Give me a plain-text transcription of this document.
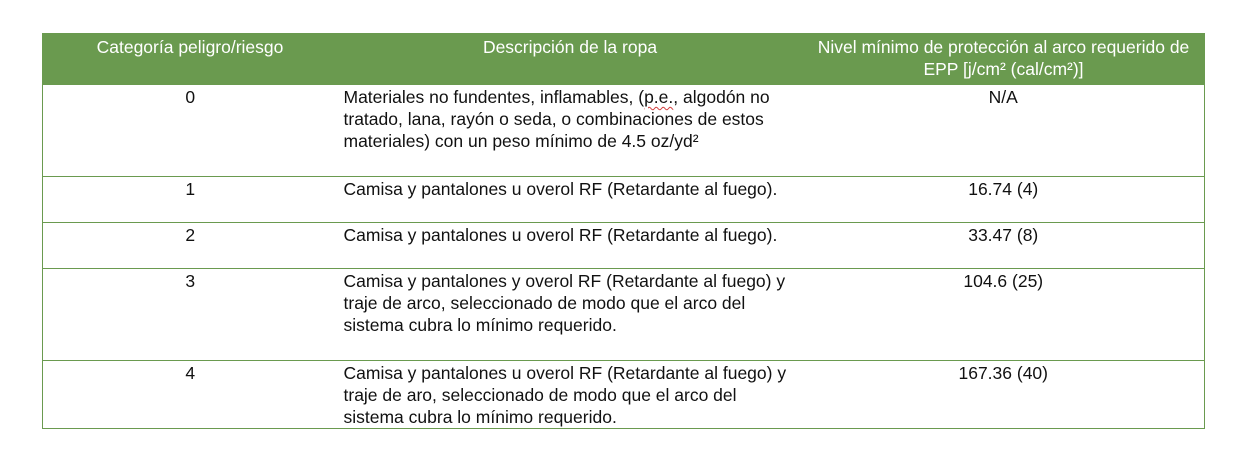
Categoría peligro/riesgo	Descripción de la ropa	Nivel mínimo de protección al arco requerido de EPP [j/cm² (cal/cm²)]
0	Materiales no fundentes, inflamables, (p.e., algodón no tratado, lana, rayón o seda, o combinaciones de estos materiales) con un peso mínimo de 4.5 oz/yd²	N/A
1	Camisa y pantalones u overol RF (Retardante al fuego).	16.74 (4)
2	Camisa y pantalones u overol RF (Retardante al fuego).	33.47 (8)
3	Camisa y pantalones y overol RF (Retardante al fuego) y traje de arco, seleccionado de modo que el arco del sistema cubra lo mínimo requerido.	104.6 (25)
4	Camisa y pantalones u overol RF (Retardante al fuego) y traje de aro, seleccionado de modo que el arco del sistema cubra lo mínimo requerido.	167.36 (40)
